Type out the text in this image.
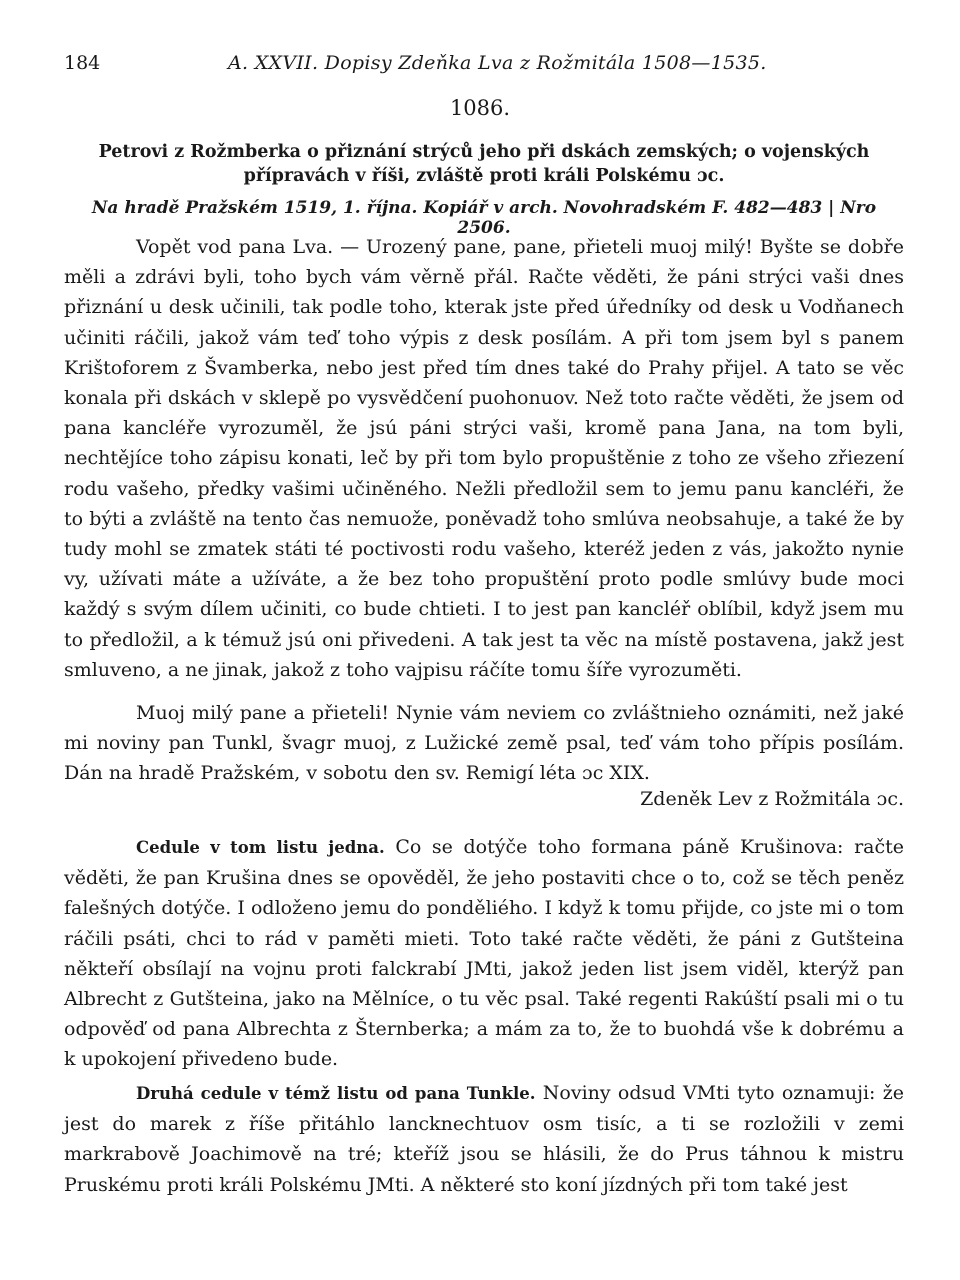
184	A. XXVII. Dopisy Zdeňka Lva z Rožmitála 1508—1535.
1086.
Petrovi z Rožmberka o přiznání strýců jeho při dskách zemských; o vojenských přípravách v říši, zvláště proti králi Polskému ɔc.
Na hradě Pražském 1519, 1. října. Kopiář v arch. Novohradském F. 482—483 | Nro 2506.

Vopět vod pana Lva. — Urozený pane, pane, přieteli muoj milý! Byšte se dobře měli a zdrávi byli, toho bych vám věrně přál. Račte věděti, že páni strýci vaši dnes přiznání u desk učinili, tak podle toho, kterak jste před úředníky od desk u Vodňanech učiniti ráčili, jakož vám teď toho výpis z desk posílám. A při tom jsem byl s panem Krištoforem z Švamberka, nebo jest před tím dnes také do Prahy přijel. A tato se věc konala při dskách v sklepě po vysvědčení puohonuov. Než toto račte věděti, že jsem od pana kancléře vyrozuměl, že jsú páni strýci vaši, kromě pana Jana, na tom byli, nechtějíce toho zápisu konati, leč by při tom bylo propuštěnie z toho ze všeho zřiezení rodu vašeho, předky vašimi učiněného. Nežli předložil sem to jemu panu kancléři, že to býti a zvláště na tento čas nemuože, poněvadž toho smlúva neobsahuje, a také že by tudy mohl se zmatek státi té poctivosti rodu vašeho, kteréž jeden z vás, jakožto nynie vy, užívati máte a užíváte, a že bez toho propuštění proto podle smlúvy bude moci každý s svým dílem učiniti, co bude chtieti. I to jest pan kancléř oblíbil, když jsem mu to předložil, a k témuž jsú oni přivedeni. A tak jest ta věc na místě postavena, jakž jest smluveno, a ne jinak, jakož z toho vajpisu ráčíte tomu šíře vyrozuměti.

Muoj milý pane a přieteli! Nynie vám neviem co zvláštnieho oznámiti, než jaké mi noviny pan Tunkl, švagr muoj, z Lužické země psal, teď vám toho přípis posílám. Dán na hradě Pražském, v sobotu den sv. Remigí léta ɔc XIX.

Zdeněk Lev z Rožmitála ɔc.

Cedule v tom listu jedna. Co se dotýče toho formana páně Krušinova: račte věděti, že pan Krušina dnes se opověděl, že jeho postaviti chce o to, což se těch peněz falešných dotýče. I odloženo jemu do ponděliého. I když k tomu přijde, co jste mi o tom ráčili psáti, chci to rád v paměti mieti. Toto také račte věděti, že páni z Gutšteina někteří obsílají na vojnu proti falckrabí JMti, jakož jeden list jsem viděl, kterýž pan Albrecht z Gutšteina, jako na Mělníce, o tu věc psal. Také regenti Rakúští psali mi o tu odpověď od pana Albrechta z Šternberka; a mám za to, že to buohdá vše k dobrému a k upokojení přivedeno bude.

Druhá cedule v témž listu od pana Tunkle. Noviny odsud VMti tyto oznamuji: že jest do marek z říše přitáhlo lancknechtuov osm tisíc, a ti se rozložili v zemi markrabově Joachimově na tré; kteříž jsou se hlásili, že do Prus táhnou k mistru Pruskému proti králi Polskému JMti. A některé sto koní jízdných při tom také jest
